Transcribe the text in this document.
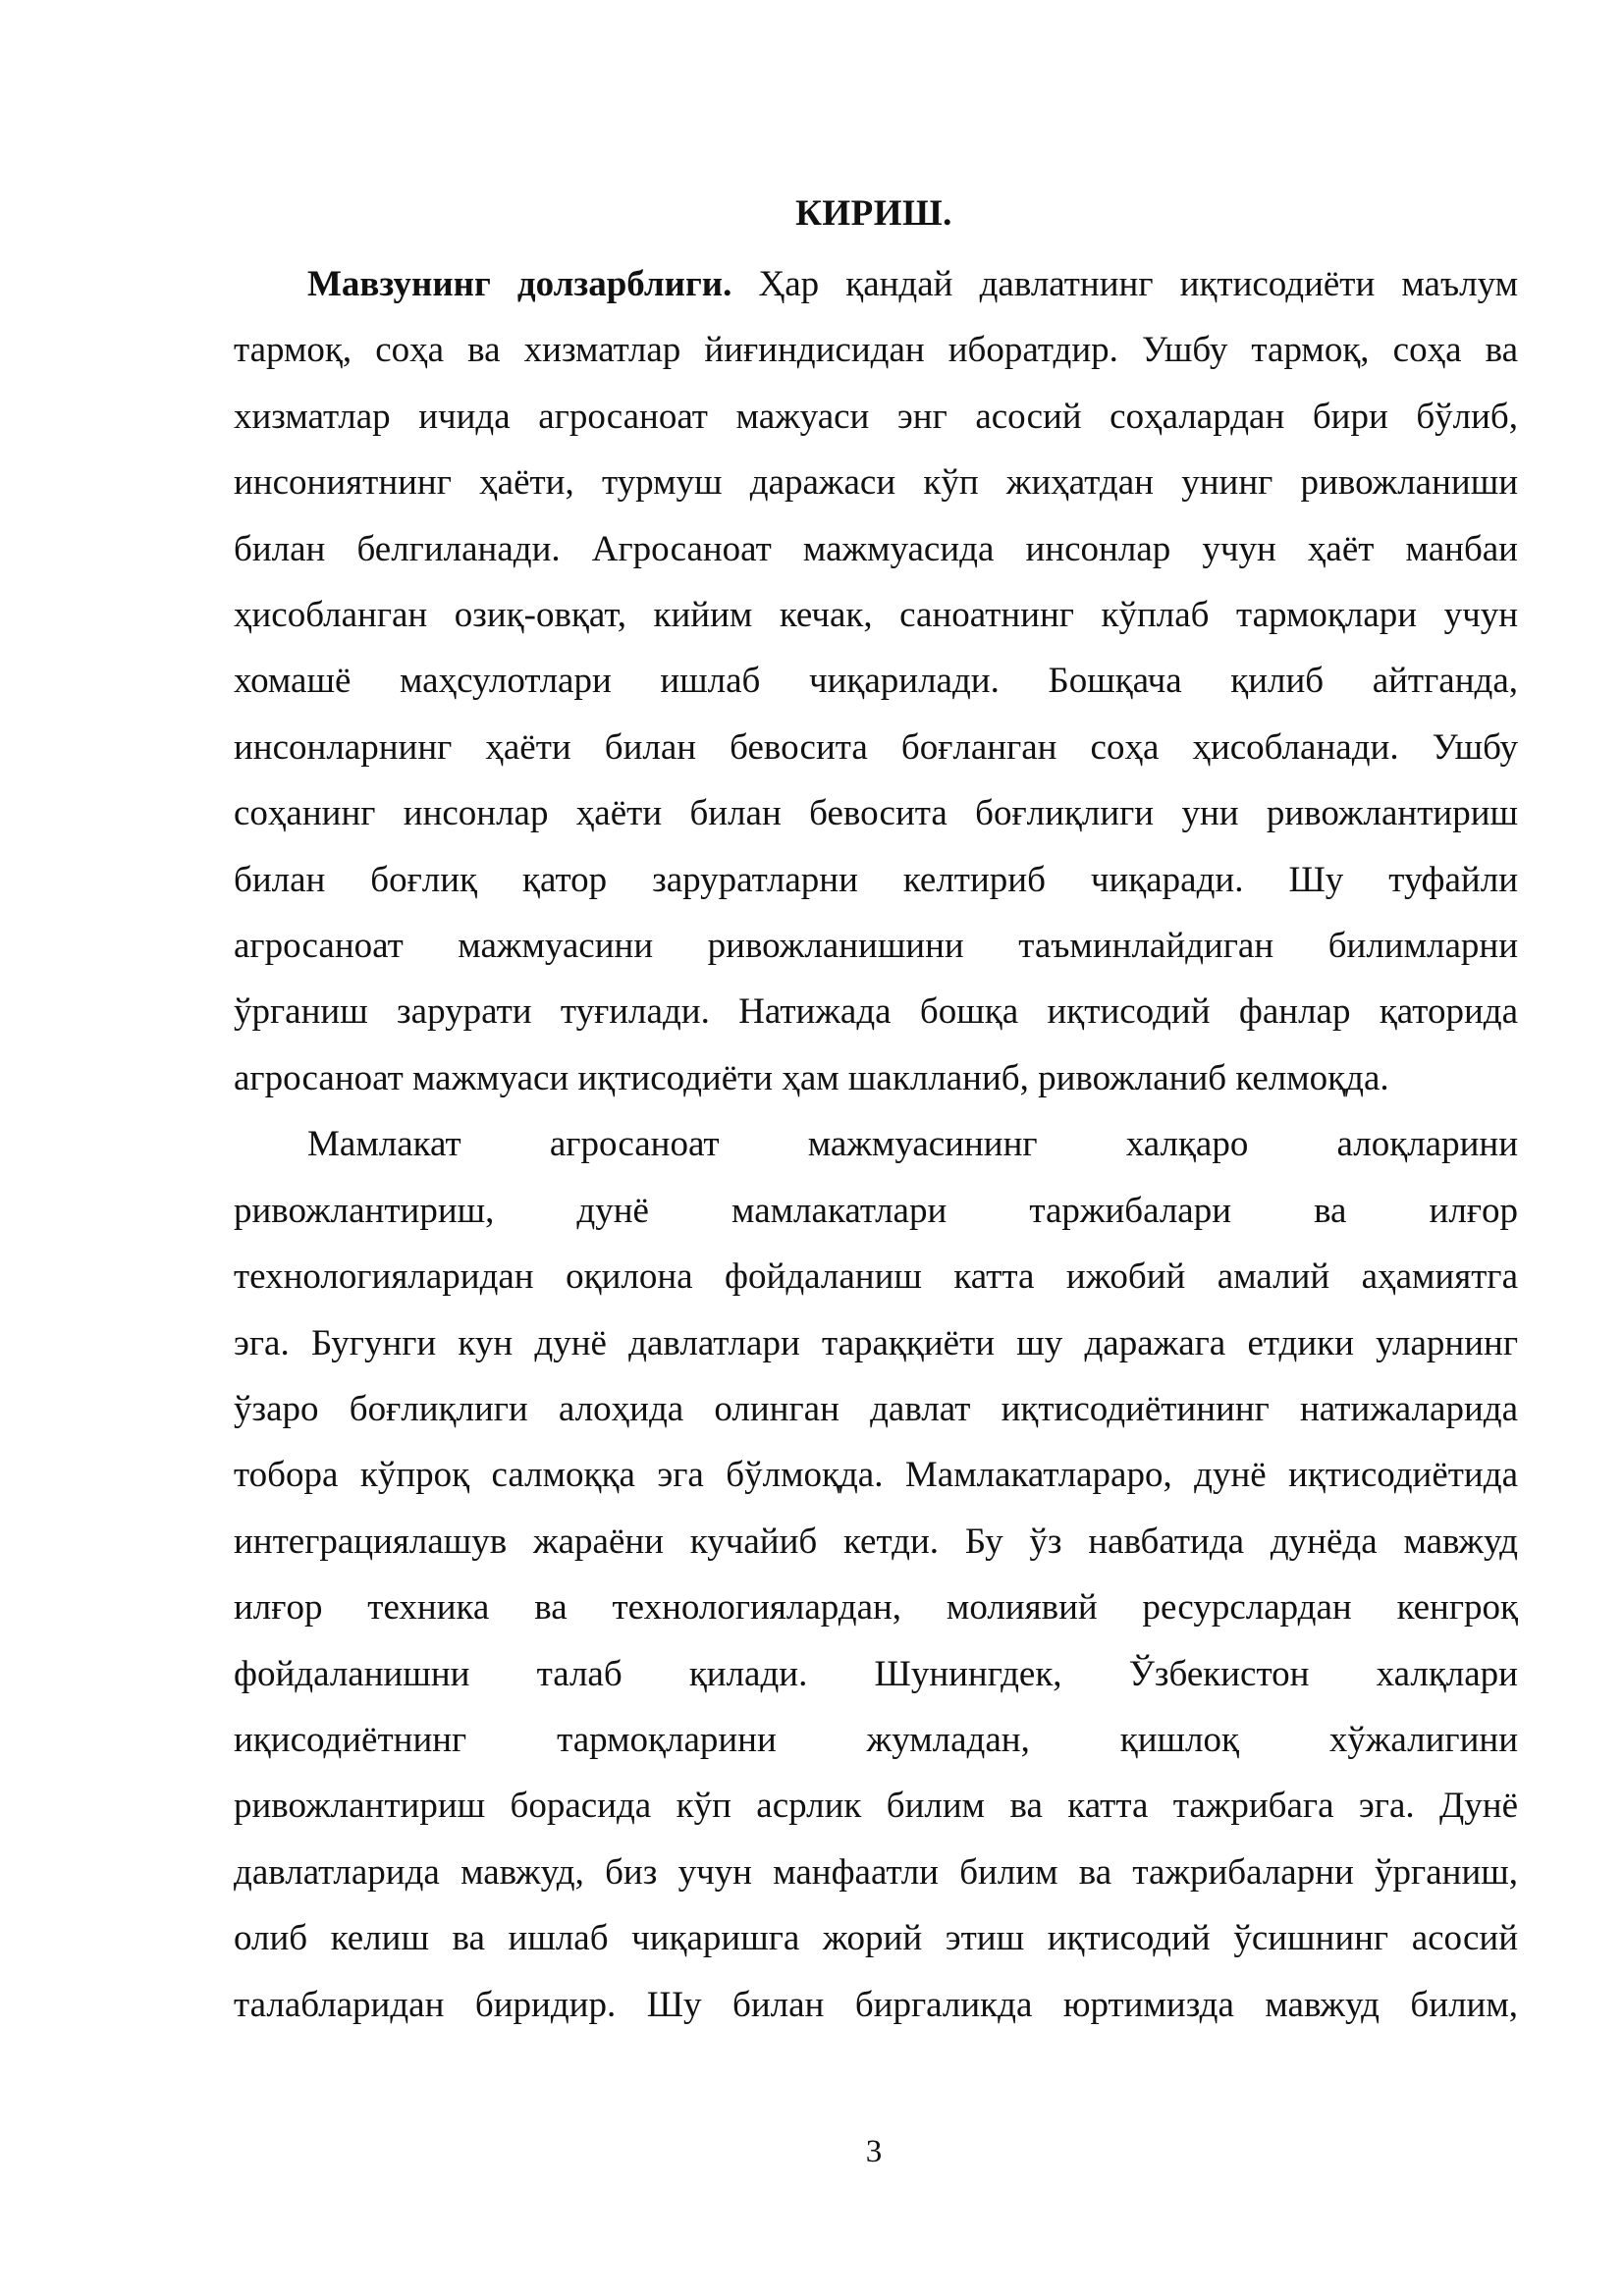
КИРИШ.

Мавзунинг долзарблиги. Ҳар қандай давлатнинг иқтисодиёти маълум
тармоқ, соҳа ва хизматлар йиғиндисидан иборатдир. Ушбу тармоқ, соҳа ва
хизматлар ичида агросаноат мажуаси энг асосий соҳалардан бири бўлиб,
инсониятнинг ҳаёти, турмуш даражаси кўп жиҳатдан унинг ривожланиши
билан белгиланади. Агросаноат мажмуасида инсонлар учун ҳаёт манбаи
ҳисобланган озиқ-овқат, кийим кечак, саноатнинг кўплаб тармоқлари учун
хомашё маҳсулотлари ишлаб чиқарилади. Бошқача қилиб айтганда,
инсонларнинг ҳаёти билан бевосита боғланган соҳа ҳисобланади. Ушбу
соҳанинг инсонлар ҳаёти билан бевосита боғлиқлиги уни ривожлантириш
билан боғлиқ қатор заруратларни келтириб чиқаради. Шу туфайли
агросаноат мажмуасини ривожланишини таъминлайдиган билимларни
ўрганиш зарурати туғилади. Натижада бошқа иқтисодий фанлар қаторида
агросаноат мажмуаси иқтисодиёти ҳам шаклланиб, ривожланиб келмоқда.

Мамлакат агросаноат мажмуасининг халқаро алоқларини
ривожлантириш, дунё мамлакатлари таржибалари ва илғор
технологияларидан оқилона фойдаланиш катта ижобий амалий аҳамиятга
эга. Бугунги кун дунё давлатлари тараққиёти шу даражага етдики уларнинг
ўзаро боғлиқлиги алоҳида олинган давлат иқтисодиётининг натижаларида
тобора кўпроқ салмоққа эга бўлмоқда. Мамлакатлараро, дунё иқтисодиётида
интеграциялашув жараёни кучайиб кетди. Бу ўз навбатида дунёда мавжуд
илғор техника ва технологиялардан, молиявий ресурслардан кенгроқ
фойдаланишни талаб қилади. Шунингдек, Ўзбекистон халқлари
иқисодиётнинг тармоқларини жумладан, қишлоқ хўжалигини
ривожлантириш борасида кўп асрлик билим ва катта тажрибага эга. Дунё
давлатларида мавжуд, биз учун манфаатли билим ва тажрибаларни ўрганиш,
олиб келиш ва ишлаб чиқаришга жорий этиш иқтисодий ўсишнинг асосий
талабларидан биридир. Шу билан биргаликда юртимизда мавжуд билим,

3
